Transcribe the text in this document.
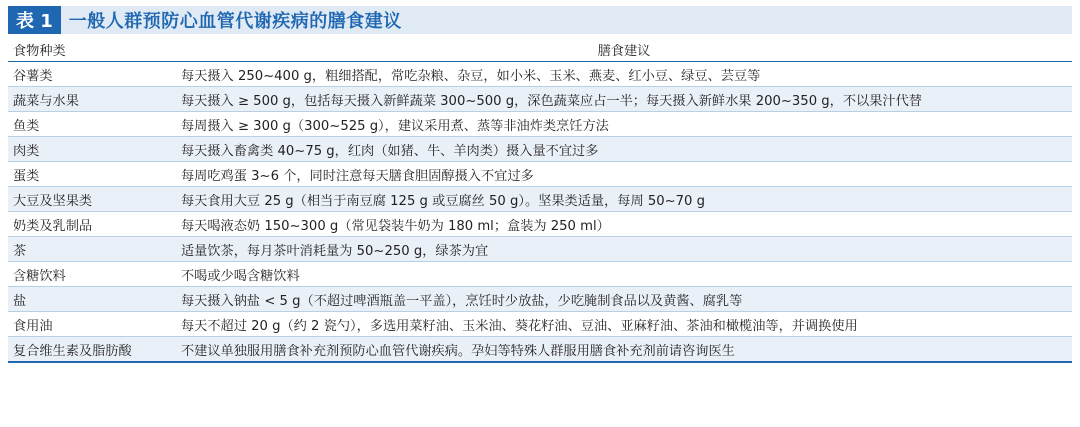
表 1 一般人群预防心血管代谢疾病的膳食建议
食物种类	膳食建议
谷薯类	每天摄入 250~400 g，粗细搭配，常吃杂粮、杂豆，如小米、玉米、燕麦、红小豆、绿豆、芸豆等
蔬菜与水果	每天摄入 ≥ 500 g，包括每天摄入新鲜蔬菜 300~500 g，深色蔬菜应占一半；每天摄入新鲜水果 200~350 g，不以果汁代替
鱼类	每周摄入 ≥ 300 g（300~525 g），建议采用煮、蒸等非油炸类烹饪方法
肉类	每天摄入畜禽类 40~75 g，红肉（如猪、牛、羊肉类）摄入量不宜过多
蛋类	每周吃鸡蛋 3~6 个，同时注意每天膳食胆固醇摄入不宜过多
大豆及坚果类	每天食用大豆 25 g（相当于南豆腐 125 g 或豆腐丝 50 g）。坚果类适量，每周 50~70 g
奶类及乳制品	每天喝液态奶 150~300 g（常见袋装牛奶为 180 ml；盒装为 250 ml）
茶	适量饮茶，每月茶叶消耗量为 50~250 g，绿茶为宜
含糖饮料	不喝或少喝含糖饮料
盐	每天摄入钠盐 < 5 g（不超过啤酒瓶盖一平盖），烹饪时少放盐，少吃腌制食品以及黄酱、腐乳等
食用油	每天不超过 20 g（约 2 瓷勺），多选用菜籽油、玉米油、葵花籽油、豆油、亚麻籽油、茶油和橄榄油等，并调换使用
复合维生素及脂肪酸	不建议单独服用膳食补充剂预防心血管代谢疾病。孕妇等特殊人群服用膳食补充剂前请咨询医生
